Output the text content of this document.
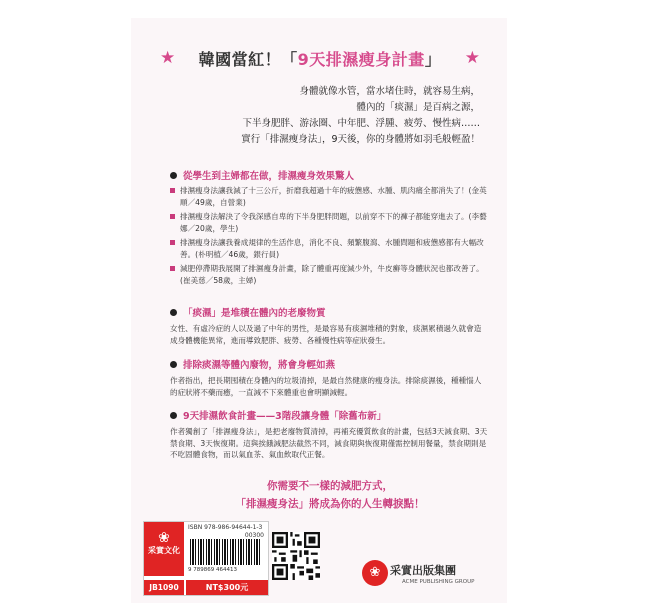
★ 韓國當紅！「9天排濕瘦身計畫」 ★
身體就像水管，當水堵住時，就容易生病，
體內的「痰濕」是百病之源，
下半身肥胖、游泳圈、中年肥、浮腫、疲勞、慢性病……
實行「排濕瘦身法」，9天後，你的身體將如羽毛般輕盈！
從學生到主婦都在做，排濕瘦身效果驚人
排濕瘦身法讓我減了十三公斤，折磨我超過十年的疲憊感、水腫、肌肉痛全都消失了！(金英順／49歲，自營業)
排濕瘦身法解決了令我深感自卑的下半身肥胖問題，以前穿不下的褲子都能穿進去了。(李藝娜／20歲，學生)
排濕瘦身法讓我養成規律的生活作息，消化不良、頻繁腹瀉、水腫問題和疲憊感都有大幅改善。(朴明植／46歲，銀行員)
減肥停滯期我展開了排濕瘦身計畫，除了體重再度減少外，牛皮癬等身體狀況也都改善了。(崔美慈／58歲，主婦)
「痰濕」是堆積在體內的老廢物質
女性、有虛冷症的人以及過了中年的男性，是最容易有痰濕堆積的對象，痰濕累積過久就會造成身體機能異常，進而導致肥胖、疲勞、各種慢性病等症狀發生。
排除痰濕等體內廢物，將會身輕如燕
作者指出，把長期囤積在身體內的垃圾清掉，是最自然健康的瘦身法。排除痰濕後，種種惱人的症狀將不藥而癒，一直減不下來體重也會明顯減輕。
9天排濕飲食計畫——3階段讓身體「除舊布新」
作者獨創了「排濕瘦身法」，是把老廢物質清掉，再補充優質飲食的計畫，包括3天減食期、3天禁食期、3天恢復期。這與挨餓減肥法截然不同，減食期與恢復期僅需控制用餐量，禁食期則是不吃固體食物，而以氣血茶、氣血飲取代正餐。
你需要不一樣的減肥方式，
「排濕瘦身法」將成為你的人生轉捩點！
❀
采實文化
ISBN 978-986-94644-1-3
00300
9 789869 464413
JB1090	NT$300元
❀ 采實出版集團
ACME PUBLISHING GROUP
